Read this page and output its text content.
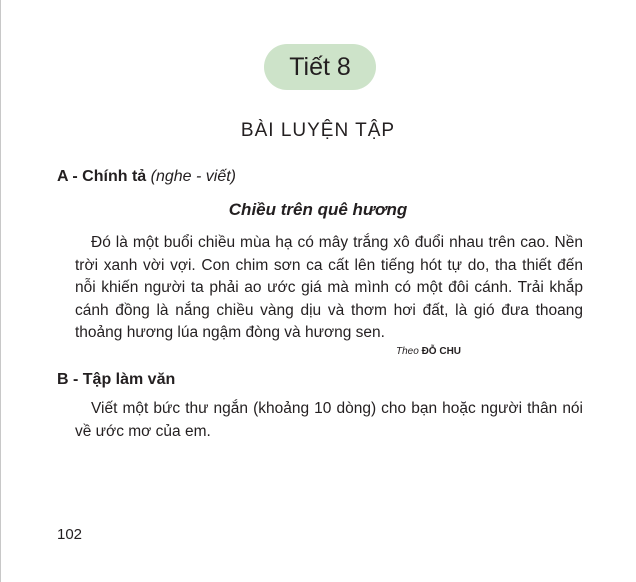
Tiết 8
BÀI LUYỆN TẬP
A - Chính tả (nghe - viết)
Chiều trên quê hương

Đó là một buổi chiều mùa hạ có mây trắng xô đuổi nhau trên cao. Nền trời xanh vời vợi. Con chim sơn ca cất lên tiếng hót tự do, tha thiết đến nỗi khiến người ta phải ao ước giá mà mình có một đôi cánh. Trải khắp cánh đồng là nắng chiều vàng dịu và thơm hơi đất, là gió đưa thoang thoảng hương lúa ngậm đòng và hương sen.

Theo ĐỖ CHU
B - Tập làm văn

Viết một bức thư ngắn (khoảng 10 dòng) cho bạn hoặc người thân nói về ước mơ của em.

102
